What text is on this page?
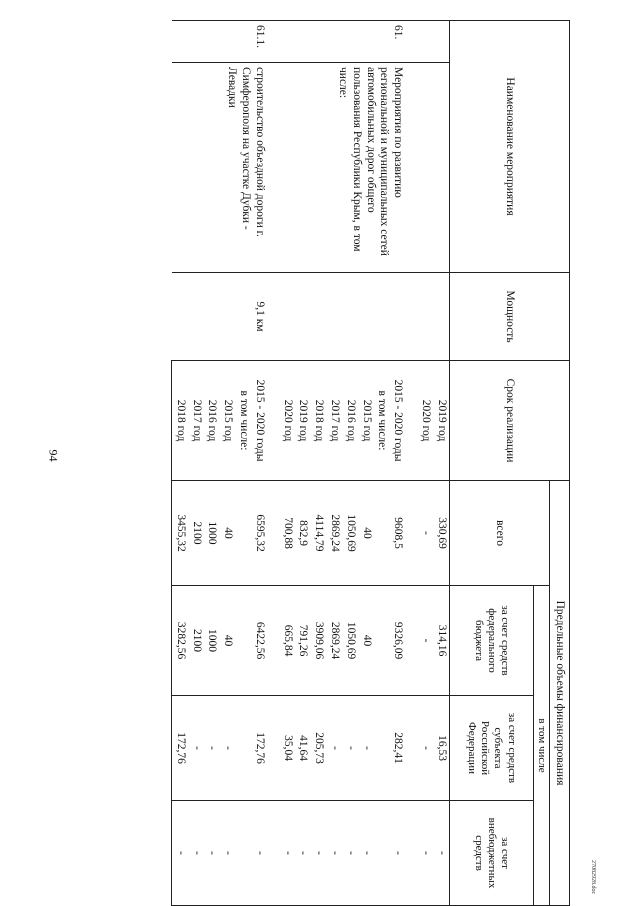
94
27082928.doc
Наименование мероприятия		Мощность	Срок реализации	Предельные объемы финансирования			
				всего	в том числе		
					за счет средств федерального бюджета	за счет средств субъекта Российской Федерации	за счет внебюджетных средств
			2019 год	330,69	314,16	16,53	-
			2020 год	-	-	-	-

61.	Мероприятия по развитию региональной и муниципальных сетей автомобильных дорог общего пользования Республики Крым, в том числе:		2015 - 2020 годы	9608,5	9326,09	282,41	-
			в том числе:				
			2015 год	40	40	-	-
			2016 год	1050,69	1050,69	-	-
			2017 год	2869,24	2869,24	-	-
			2018 год	4114,79	3909,06	205,73	-
			2019 год	832,9	791,26	41,64	-
			2020 год	700,88	665,84	35,04	-

61.1.	строительство объездной дороги г. Симферополя на участке Дубки - Левадки	9,1 км	2015 - 2020 годы	6595,32	6422,56	172,76	-
			в том числе:				
			2015 год	40	40	-	-
			2016 год	1000	1000	-	-
			2017 год	2100	2100	-	-
			2018 год	3455,32	3282,56	172,76	-
